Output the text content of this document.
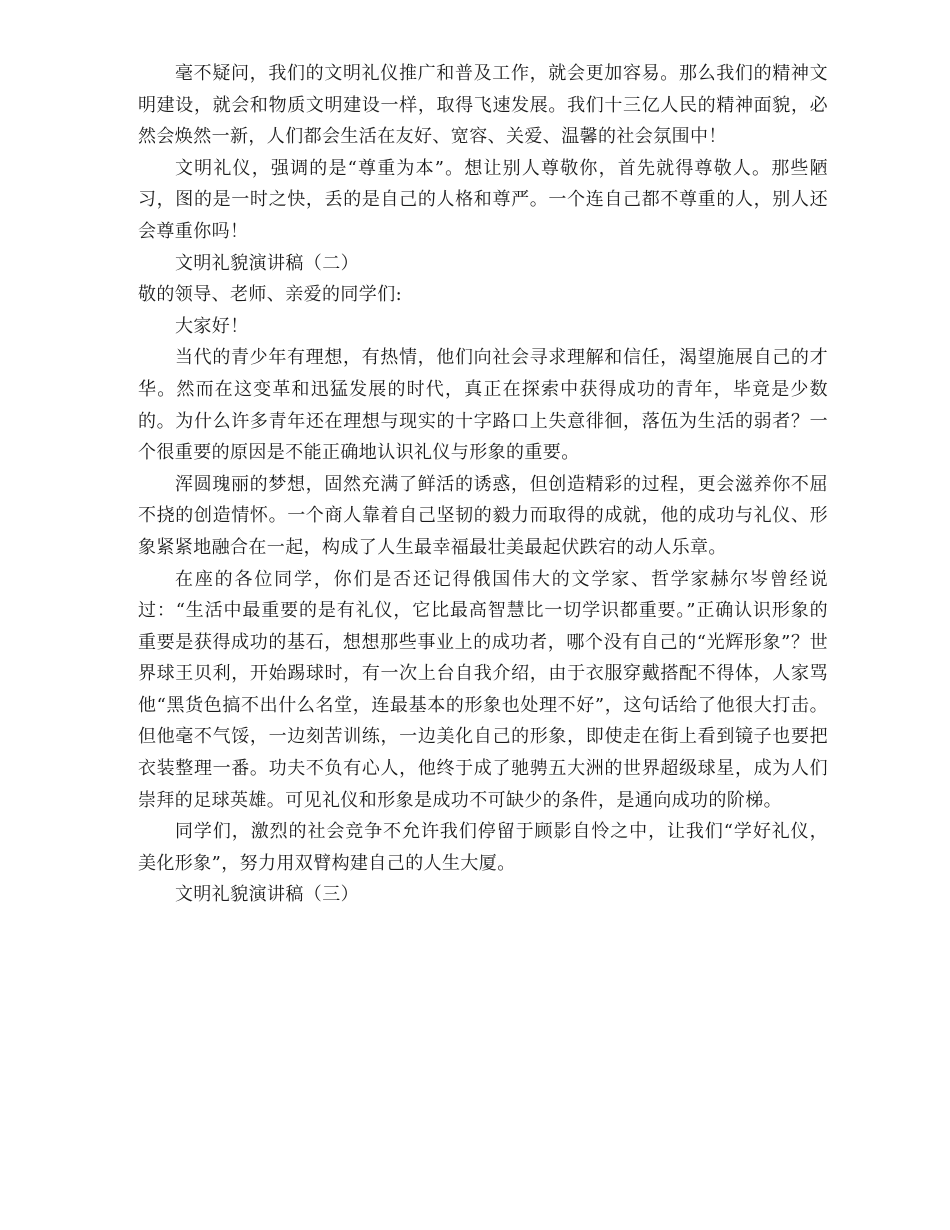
毫不疑问，我们的文明礼仪推广和普及工作，就会更加容易。那么我们的精神文明建设，就会和物质文明建设一样，取得飞速发展。我们十三亿人民的精神面貌，必然会焕然一新，人们都会生活在友好、宽容、关爱、温馨的社会氛围中！

文明礼仪，强调的是“尊重为本”。想让别人尊敬你，首先就得尊敬人。那些陋习，图的是一时之快，丢的是自己的人格和尊严。一个连自己都不尊重的人，别人还会尊重你吗！

文明礼貌演讲稿（二）

敬的领导、老师、亲爱的同学们:

大家好！

当代的青少年有理想，有热情，他们向社会寻求理解和信任，渴望施展自己的才华。然而在这变革和迅猛发展的时代，真正在探索中获得成功的青年，毕竟是少数的。为什么许多青年还在理想与现实的十字路口上失意徘徊，落伍为生活的弱者？一个很重要的原因是不能正确地认识礼仪与形象的重要。

浑圆瑰丽的梦想，固然充满了鲜活的诱惑，但创造精彩的过程，更会滋养你不屈不挠的创造情怀。一个商人靠着自己坚韧的毅力而取得的成就，他的成功与礼仪、形象紧紧地融合在一起，构成了人生最幸福最壮美最起伏跌宕的动人乐章。

在座的各位同学，你们是否还记得俄国伟大的文学家、哲学家赫尔岑曾经说过：“生活中最重要的是有礼仪，它比最高智慧比一切学识都重要。”正确认识形象的重要是获得成功的基石，想想那些事业上的成功者，哪个没有自己的“光辉形象”？世界球王贝利，开始踢球时，有一次上台自我介绍，由于衣服穿戴搭配不得体，人家骂他“黑货色搞不出什么名堂，连最基本的形象也处理不好”，这句话给了他很大打击。但他毫不气馁，一边刻苦训练，一边美化自己的形象，即使走在街上看到镜子也要把衣装整理一番。功夫不负有心人，他终于成了驰骋五大洲的世界超级球星，成为人们崇拜的足球英雄。可见礼仪和形象是成功不可缺少的条件，是通向成功的阶梯。

同学们，激烈的社会竞争不允许我们停留于顾影自怜之中，让我们“学好礼仪，美化形象”，努力用双臂构建自己的人生大厦。

文明礼貌演讲稿（三）
